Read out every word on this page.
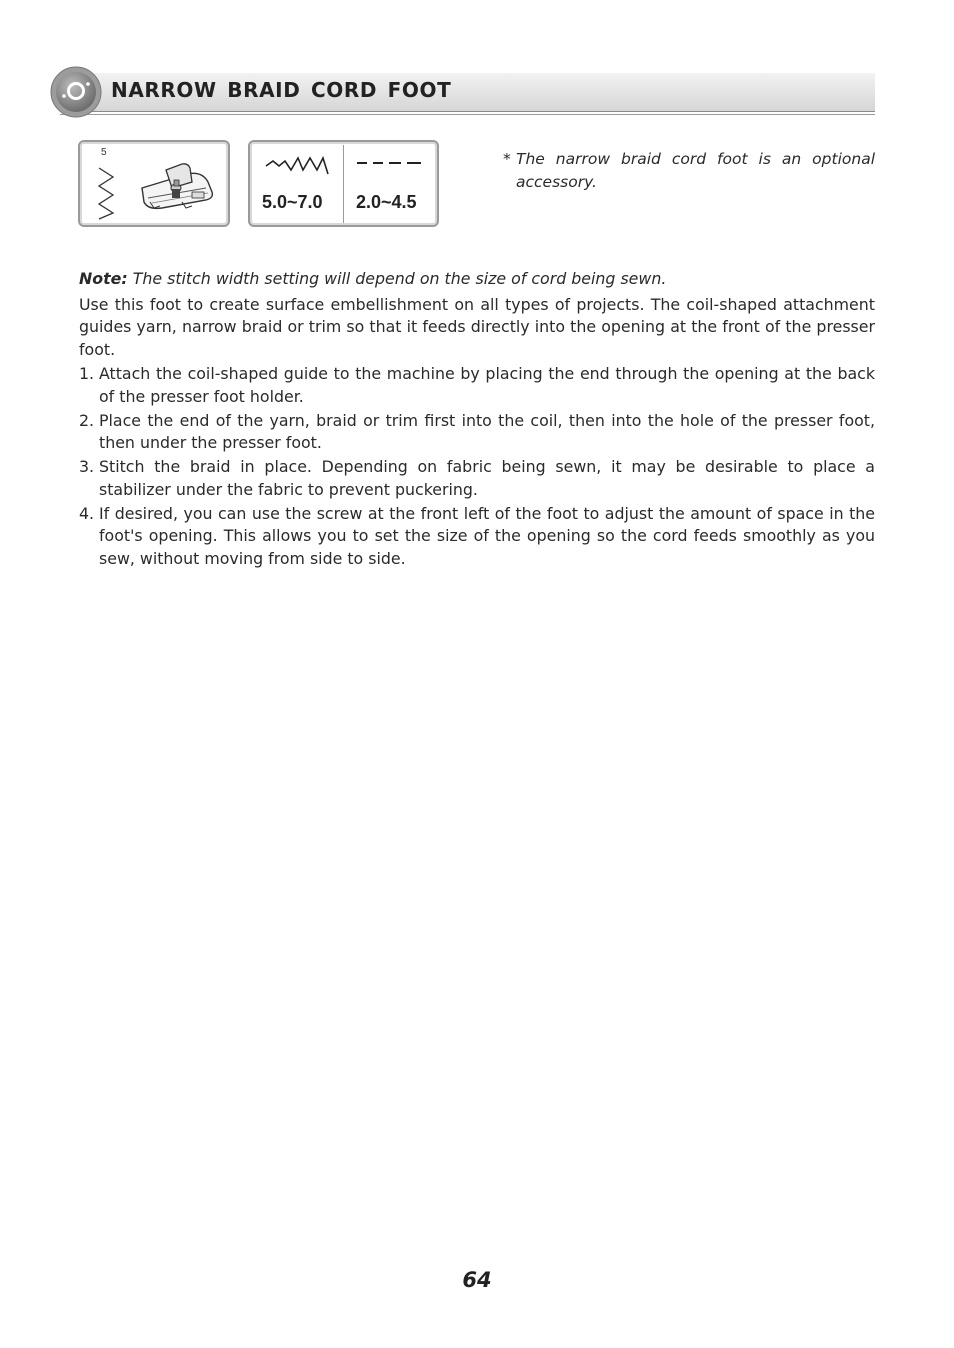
NARROW BRAID CORD FOOT
5
5.0~7.0 2.0~4.5
* The narrow braid cord foot is an optional accessory.
Note: The stitch width setting will depend on the size of cord being sewn.

Use this foot to create surface embellishment on all types of projects. The coil-shaped attachment guides yarn, narrow braid or trim so that it feeds directly into the opening at the front of the presser foot.

1. Attach the coil-shaped guide to the machine by placing the end through the opening at the back of the presser foot holder.
2. Place the end of the yarn, braid or trim first into the coil, then into the hole of the presser foot, then under the presser foot.
3. Stitch the braid in place. Depending on fabric being sewn, it may be desirable to place a stabilizer under the fabric to prevent puckering.
4. If desired, you can use the screw at the front left of the foot to adjust the amount of space in the foot's opening. This allows you to set the size of the opening so the cord feeds smoothly as you sew, without moving from side to side.
64
